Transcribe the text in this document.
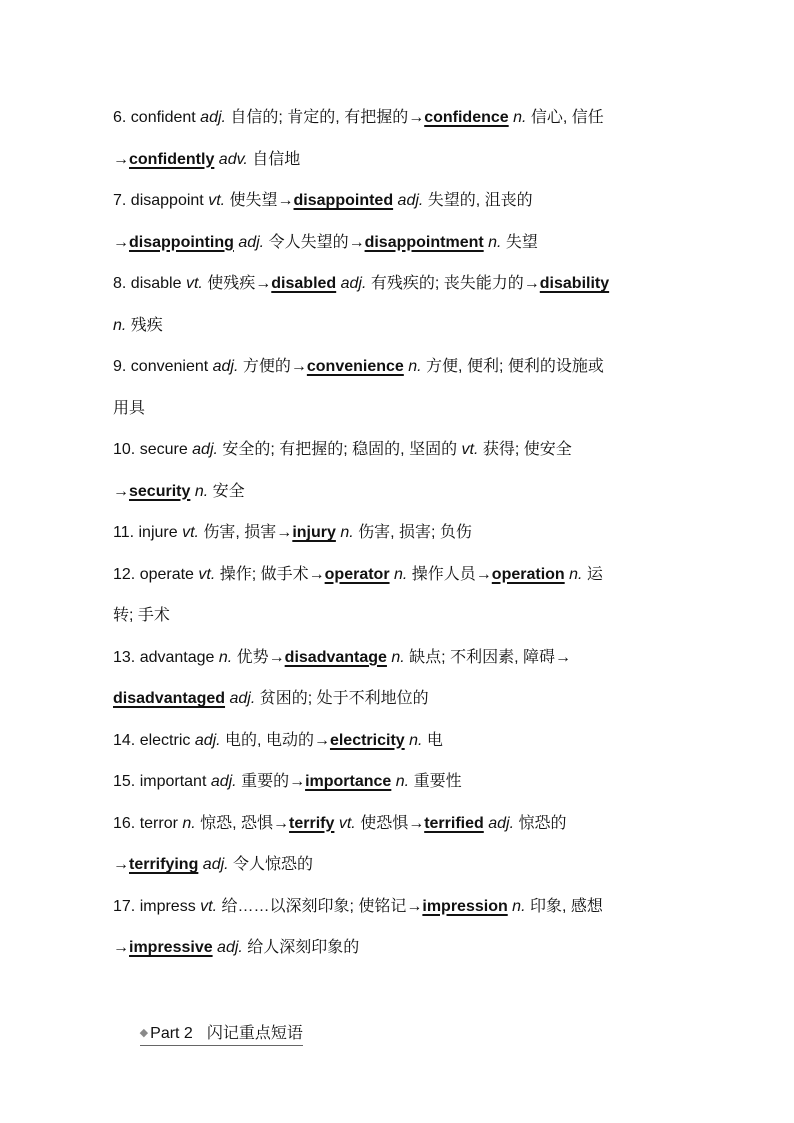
6. confident adj. 自信的; 肯定的, 有把握的→confidence n. 信心, 信任
→confidently adv. 自信地
7. disappoint vt. 使失望→disappointed adj. 失望的, 沮丧的
→disappointing adj. 令人失望的→disappointment n. 失望
8. disable vt. 使残疾→disabled adj. 有残疾的; 丧失能力的→disability
n. 残疾
9. convenient adj. 方便的→convenience n. 方便, 便利; 便利的设施或
用具
10. secure adj. 安全的; 有把握的; 稳固的, 坚固的 vt. 获得; 使安全
→security n. 安全
11. injure vt. 伤害, 损害→injury n. 伤害, 损害; 负伤
12. operate vt. 操作; 做手术→operator n. 操作人员→operation n. 运
转; 手术
13. advantage n. 优势→disadvantage n. 缺点; 不利因素, 障碍→
disadvantaged adj. 贫困的; 处于不利地位的
14. electric adj. 电的, 电动的→electricity n. 电
15. important adj. 重要的→importance n. 重要性
16. terror n. 惊恐, 恐惧→terrify vt. 使恐惧→terrified adj. 惊恐的
→terrifying adj. 令人惊恐的
17. impress vt. 给……以深刻印象; 使铭记→impression n. 印象, 感想
→impressive adj. 给人深刻印象的

◆ Part 2 闪记重点短语
